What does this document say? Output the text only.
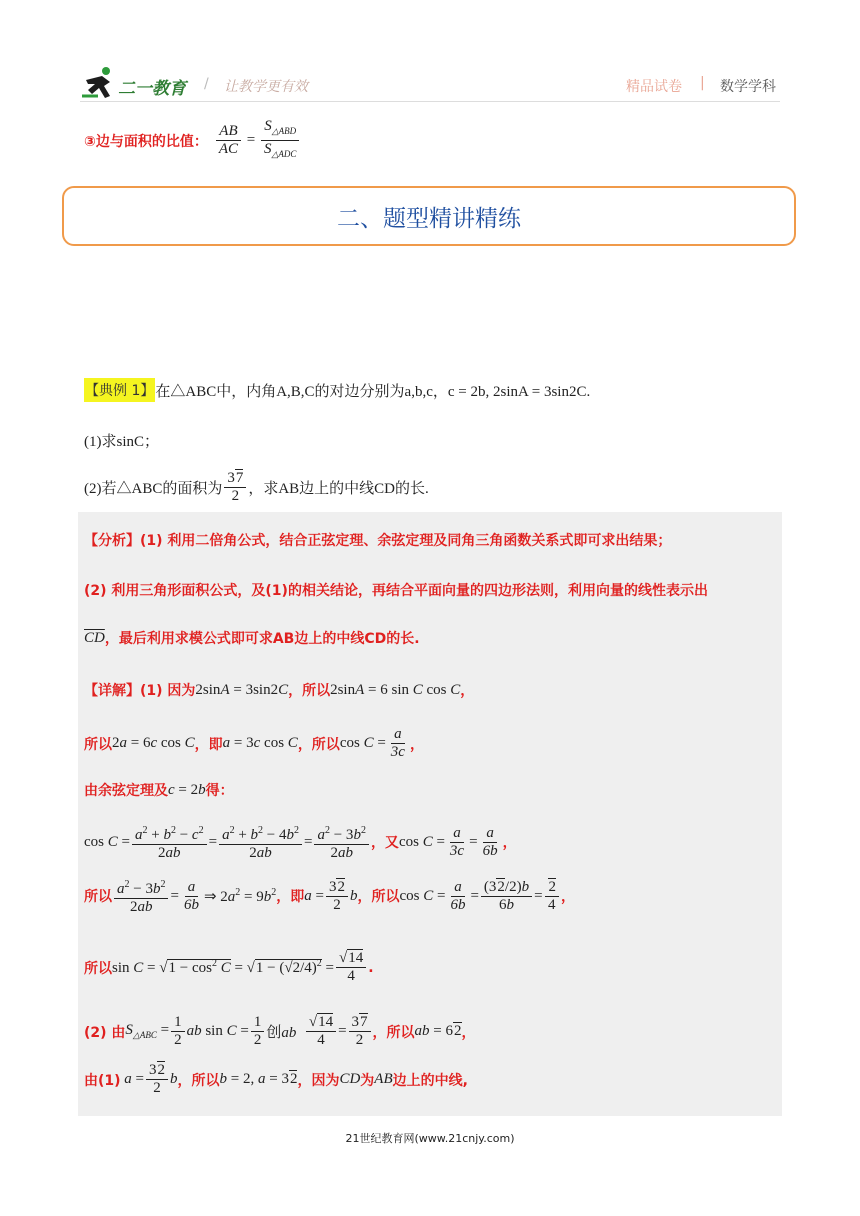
二一教育 / 让教学更有效	精品试卷 | 数学学科
③边与面积的比值： $\frac{AB}{AC} = \frac{S_{\triangle ABD}}{S_{\triangle ADC}}$
二、题型精讲精练
【典例 1】 在△ABC中，内角A,B,C的对边分别为a,b,c，c = 2b, 2sinA = 3sin2C.
(1)求sinC；
(2)若△ABC的面积为 $\frac{37}{2}$ ，求AB边上的中线CD的长.
【分析】(1) 利用二倍角公式，结合正弦定理、余弦定理及同角三角函数关系式即可求出结果；
(2) 利用三角形面积公式，及(1)的相关结论，再结合平面向量的四边形法则，利用向量的线性表示出
$\overline{CD}$ ，最后利用求模公式即可求AB边上的中线CD的长.
【详解】 (1) 因为 2sinA = 3sin2C ，所以 2sinA = 6 sin C cos C ，
所以 2a = 6c cos C ，即 a = 3c cos C ，所以 $\cos C = \frac{a}{3c}$ ，
由余弦定理及 c = 2b 得：
$\cos C = \frac{a^2 + b^2 - c^2}{2ab} = \frac{a^2 + b^2 - 4b^2}{2ab} = \frac{a^2 - 3b^2}{2ab}$ ，又 $\cos C = \frac{a}{3c} = \frac{a}{6b}$ ，
所以 $\frac{a^2 - 3b^2}{2ab} = \frac{a}{6b}$ ⇒ $2a^2 = 9b^2$ ，即 $a = \frac{32}{2}$ b ，所以 $\cos C = \frac{a}{6b} = \frac{(32/2)b}{6b} = \frac{2}{4}$ ，
所以 $\sin C = √1 - \cos^2 C = √1 - (√2/4)^2 = \frac{√14}{4}$ .
(2) 由 $S_{\triangle ABC} = \frac{1}{2}$ ab $\sin C = \frac{1}{2}$ 创ab $\frac{√14}{4} = \frac{37}{2}$ ，所以 ab = 62 ，
由(1) $a = \frac{32}{2}$ b ，所以 b = 2, a = 32 ，因为 CD 为 AB 边上的中线,
21世纪教育网(www.21cnjy.com)
